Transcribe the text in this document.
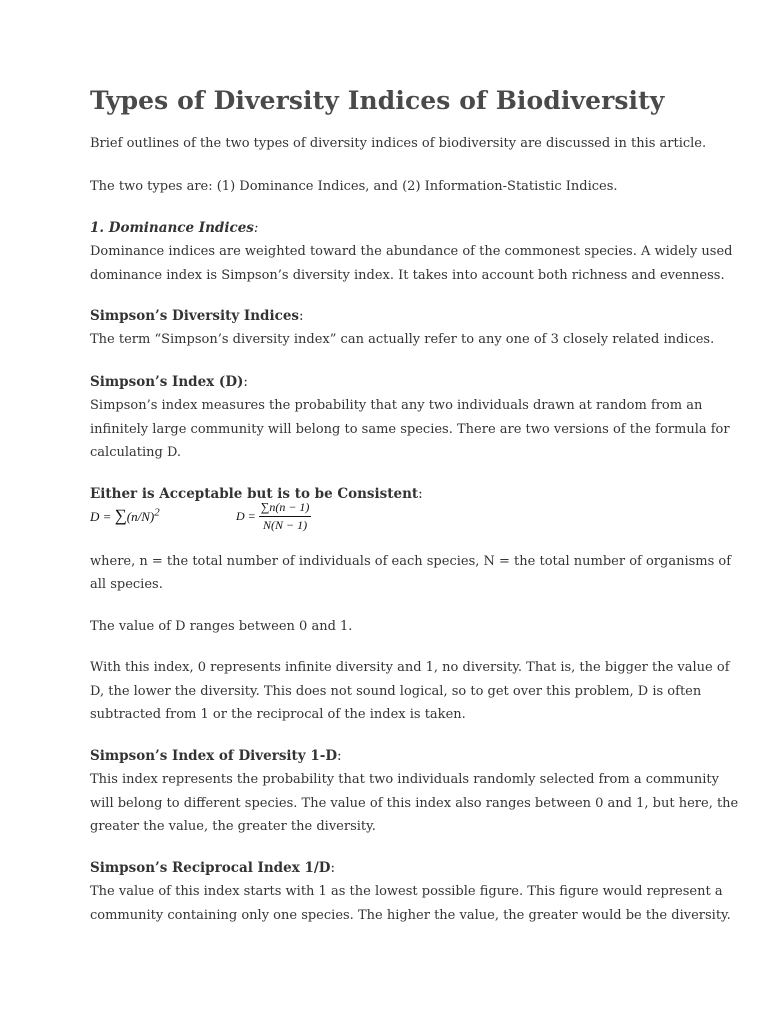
Types of Diversity Indices of Biodiversity

Brief outlines of the two types of diversity indices of biodiversity are discussed in this article.

The two types are: (1) Dominance Indices, and (2) Information-Statistic Indices.

1. Dominance Indices:

Dominance indices are weighted toward the abundance of the commonest species. A widely used

dominance index is Simpson’s diversity index. It takes into account both richness and evenness.

Simpson’s Diversity Indices:

The term “Simpson’s diversity index” can actually refer to any one of 3 closely related indices.

Simpson’s Index (D):

Simpson’s index measures the probability that any two individuals drawn at random from an

infinitely large community will belong to same species. There are two versions of the formula for

calculating D.

Either is Acceptable but is to be Consistent:

$D = \sum(n/N)^2$	$D = \frac{\sum n(n - 1)}{N(N - 1)}$

where, n = the total number of individuals of each species, N = the total number of organisms of

all species.

The value of D ranges between 0 and 1.

With this index, 0 represents infinite diversity and 1, no diversity. That is, the bigger the value of

D, the lower the diversity. This does not sound logical, so to get over this problem, D is often

subtracted from 1 or the reciprocal of the index is taken.

Simpson’s Index of Diversity 1-D:

This index represents the probability that two individuals randomly selected from a community

will belong to different species. The value of this index also ranges between 0 and 1, but here, the

greater the value, the greater the diversity.

Simpson’s Reciprocal Index 1/D:

The value of this index starts with 1 as the lowest possible figure. This figure would represent a

community containing only one species. The higher the value, the greater would be the diversity.
